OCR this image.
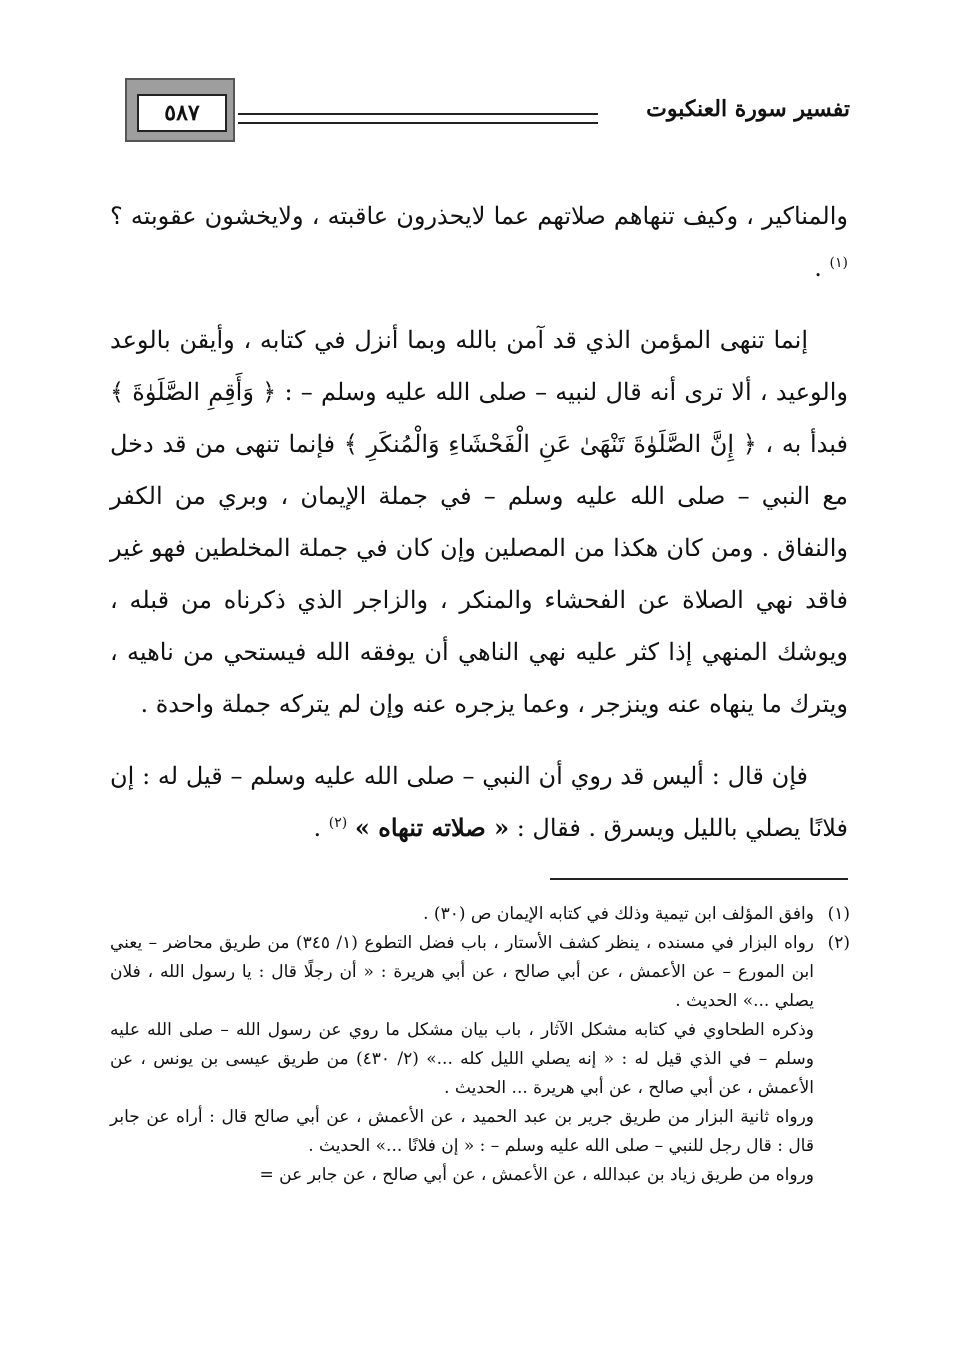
٥٨٧	تفسير سورة العنكبوت

والمناكير ، وكيف تنهاهم صلاتهم عما لايحذرون عاقبته ، ولايخشون عقوبته ؟$^{(١)}$ .

إنما تنهى المؤمن الذي قد آمن بالله وبما أنزل في كتابه ، وأيقن بالوعد والوعيد ، ألا ترى أنه قال لنبيه – صلى الله عليه وسلم – : ﴿ وَأَقِمِ الصَّلَوٰةَ ﴾ فبدأ به ، ﴿ إِنَّ الصَّلَوٰةَ تَنْهَىٰ عَنِ الْفَحْشَاءِ وَالْمُنكَرِ ﴾ فإنما تنهى من قد دخل مع النبي – صلى الله عليه وسلم – في جملة الإيمان ، وبري من الكفر والنفاق . ومن كان هكذا من المصلين وإن كان في جملة المخلطين فهو غير فاقد نهي الصلاة عن الفحشاء والمنكر ، والزاجر الذي ذكرناه من قبله ، ويوشك المنهي إذا كثر عليه نهي الناهي أن يوفقه الله فيستحي من ناهيه ، ويترك ما ينهاه عنه وينزجر ، وعما يزجره عنه وإن لم يتركه جملة واحدة .

فإن قال : أليس قد روي أن النبي – صلى الله عليه وسلم – قيل له : إن فلانًا يصلي بالليل ويسرق . فقال : « صلاته تنهاه » $^{(٢)}$ .

(١)
وافق المؤلف ابن تيمية وذلك في كتابه الإيمان ص (٣٠) .
(٢)
رواه البزار في مسنده ، ينظر كشف الأستار ، باب فضل التطوع (١/ ٣٤٥) من طريق محاضر – يعني ابن المورع – عن الأعمش ، عن أبي صالح ، عن أبي هريرة : « أن رجلًا قال : يا رسول الله ، فلان يصلي ...» الحديث .

وذكره الطحاوي في كتابه مشكل الآثار ، باب بيان مشكل ما روي عن رسول الله – صلى الله عليه وسلم – في الذي قيل له : « إنه يصلي الليل كله ...» (٢/ ٤٣٠) من طريق عيسى بن يونس ، عن الأعمش ، عن أبي صالح ، عن أبي هريرة ... الحديث .

ورواه ثانية البزار من طريق جرير بن عبد الحميد ، عن الأعمش ، عن أبي صالح قال : أراه عن جابر قال : قال رجل للنبي – صلى الله عليه وسلم – : « إن فلانًا ...» الحديث .

ورواه من طريق زياد بن عبدالله ، عن الأعمش ، عن أبي صالح ، عن جابر عن =
